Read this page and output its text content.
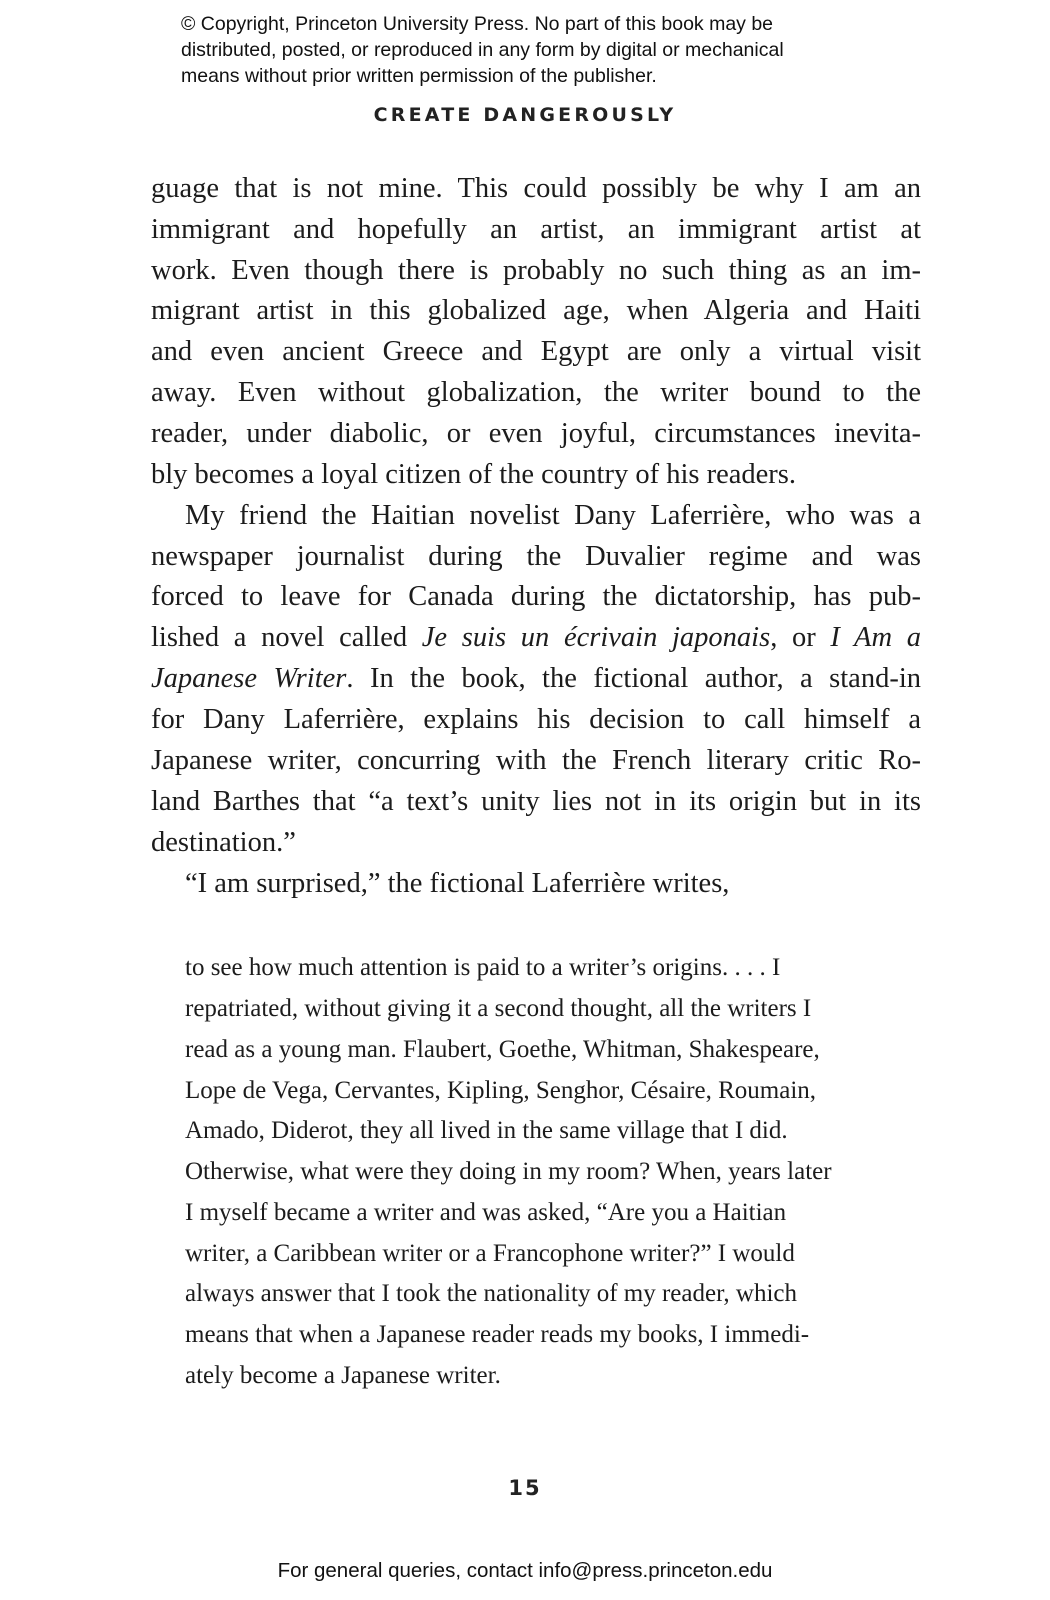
© Copyright, Princeton University Press. No part of this book may be
distributed, posted, or reproduced in any form by digital or mechanical
means without prior written permission of the publisher.
CREATE DANGEROUSLY
guage that is not mine. This could possibly be why I am an
immigrant and hopefully an artist, an immigrant artist at
work. Even though there is probably no such thing as an im-
migrant artist in this globalized age, when Algeria and Haiti
and even ancient Greece and Egypt are only a virtual visit
away. Even without globalization, the writer bound to the
reader, under diabolic, or even joyful, circumstances inevita-
bly becomes a loyal citizen of the country of his readers.
My friend the Haitian novelist Dany Laferrière, who was a
newspaper journalist during the Duvalier regime and was
forced to leave for Canada during the dictatorship, has pub-
lished a novel called Je suis un écrivain japonais, or I Am a
Japanese Writer. In the book, the fictional author, a stand-in
for Dany Laferrière, explains his decision to call himself a
Japanese writer, concurring with the French literary critic Ro-
land Barthes that “a text’s unity lies not in its origin but in its
destination.”
“I am surprised,” the fictional Laferrière writes,
to see how much attention is paid to a writer’s origins. . . . I
repatriated, without giving it a second thought, all the writers I
read as a young man. Flaubert, Goethe, Whitman, Shakespeare,
Lope de Vega, Cervantes, Kipling, Senghor, Césaire, Roumain,
Amado, Diderot, they all lived in the same village that I did.
Otherwise, what were they doing in my room? When, years later
I myself became a writer and was asked, “Are you a Haitian
writer, a Caribbean writer or a Francophone writer?” I would
always answer that I took the nationality of my reader, which
means that when a Japanese reader reads my books, I immedi-
ately become a Japanese writer.
15
For general queries, contact info@press.princeton.edu
